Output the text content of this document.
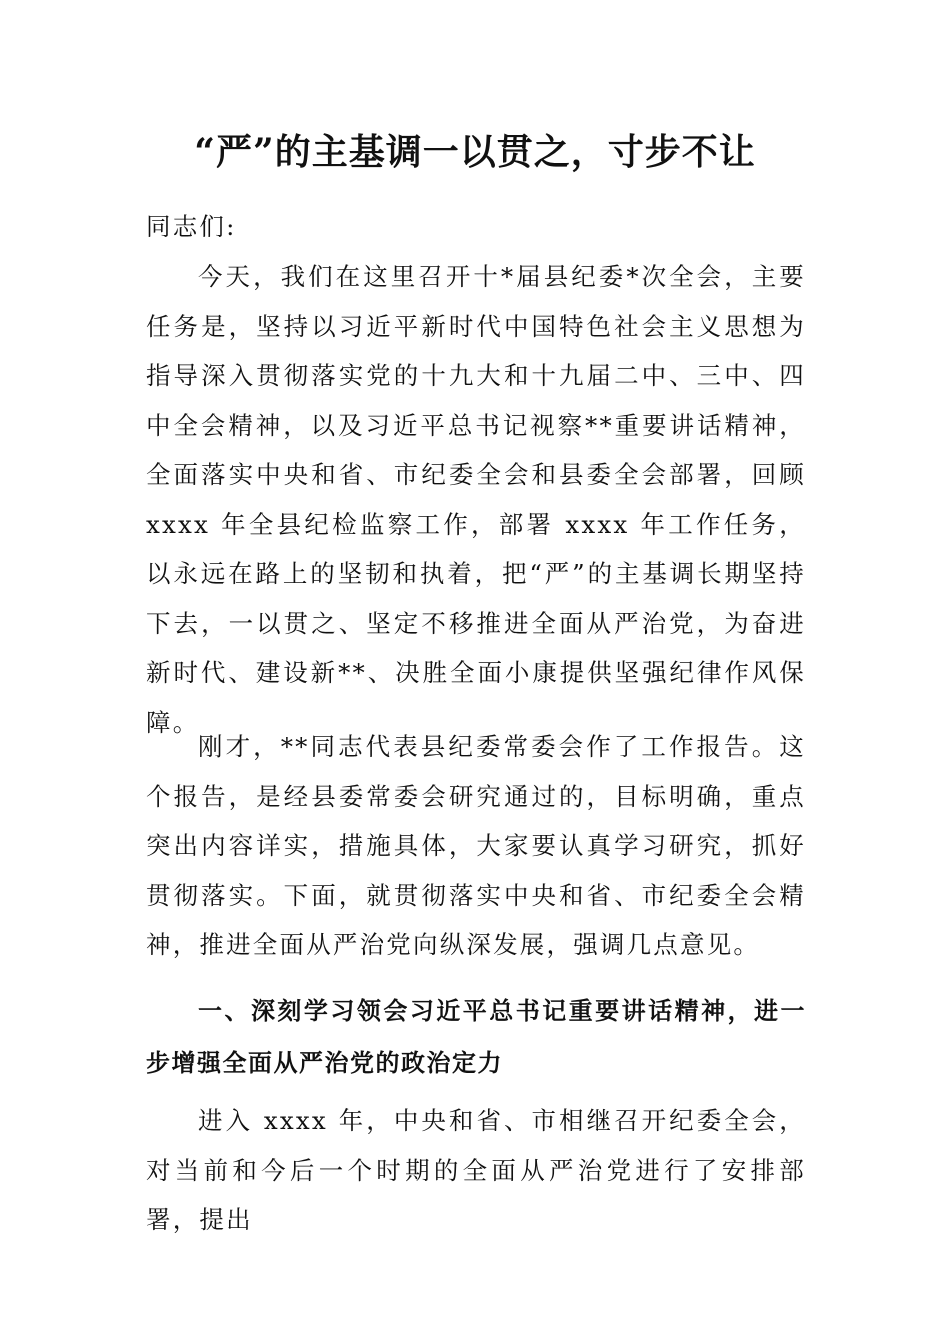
“严”的主基调一以贯之，寸步不让

同志们:

今天，我们在这里召开十*届县纪委*次全会，主要任务是，坚持以习近平新时代中国特色社会主义思想为指导深入贯彻落实党的十九大和十九届二中、三中、四中全会精神，以及习近平总书记视察**重要讲话精神，全面落实中央和省、市纪委全会和县委全会部署，回顾 xxxx 年全县纪检监察工作，部署 xxxx 年工作任务，以永远在路上的坚韧和执着，把“严”的主基调长期坚持下去，一以贯之、坚定不移推进全面从严治党，为奋进新时代、建设新**、决胜全面小康提供坚强纪律作风保障。

刚才，**同志代表县纪委常委会作了工作报告。这个报告，是经县委常委会研究通过的，目标明确，重点突出内容详实，措施具体，大家要认真学习研究，抓好贯彻落实。下面，就贯彻落实中央和省、市纪委全会精神，推进全面从严治党向纵深发展，强调几点意见。

一、深刻学习领会习近平总书记重要讲话精神，进一步增强全面从严治党的政治定力

进入 xxxx 年，中央和省、市相继召开纪委全会，对当前和今后一个时期的全面从严治党进行了安排部署，提出
